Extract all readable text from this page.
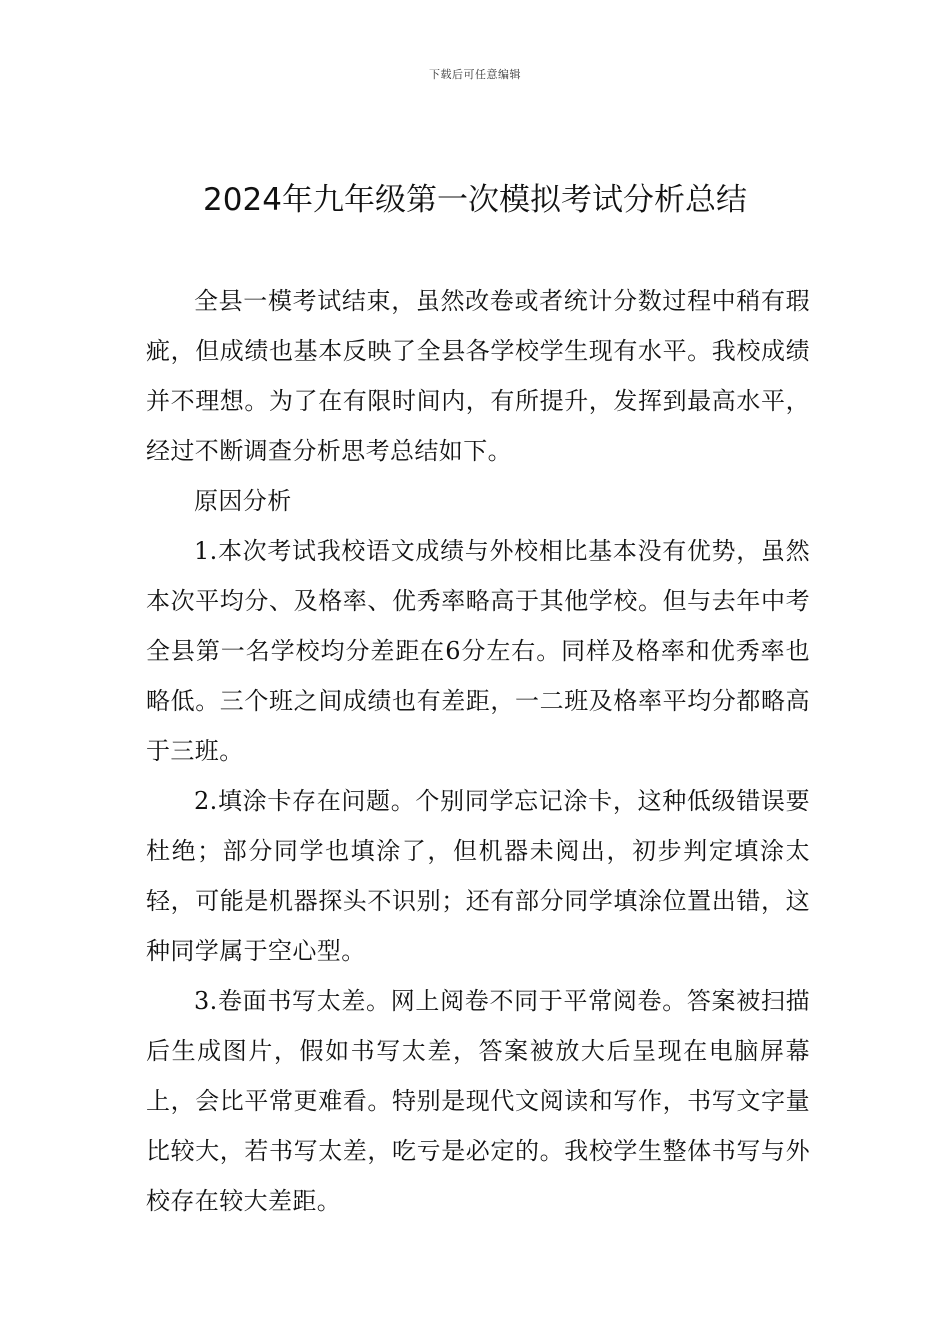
下载后可任意编辑
2024年九年级第一次模拟考试分析总结

全县一模考试结束，虽然改卷或者统计分数过程中稍有瑕疵，但成绩也基本反映了全县各学校学生现有水平。我校成绩并不理想。为了在有限时间内，有所提升，发挥到最高水平，经过不断调查分析思考总结如下。

原因分析

1.本次考试我校语文成绩与外校相比基本没有优势，虽然本次平均分、及格率、优秀率略高于其他学校。但与去年中考全县第一名学校均分差距在6分左右。同样及格率和优秀率也略低。三个班之间成绩也有差距，一二班及格率平均分都略高于三班。

2.填涂卡存在问题。个别同学忘记涂卡，这种低级错误要杜绝；部分同学也填涂了，但机器未阅出，初步判定填涂太轻，可能是机器探头不识别；还有部分同学填涂位置出错，这种同学属于空心型。

3.卷面书写太差。网上阅卷不同于平常阅卷。答案被扫描后生成图片，假如书写太差，答案被放大后呈现在电脑屏幕上，会比平常更难看。特别是现代文阅读和写作，书写文字量比较大，若书写太差，吃亏是必定的。我校学生整体书写与外校存在较大差距。
